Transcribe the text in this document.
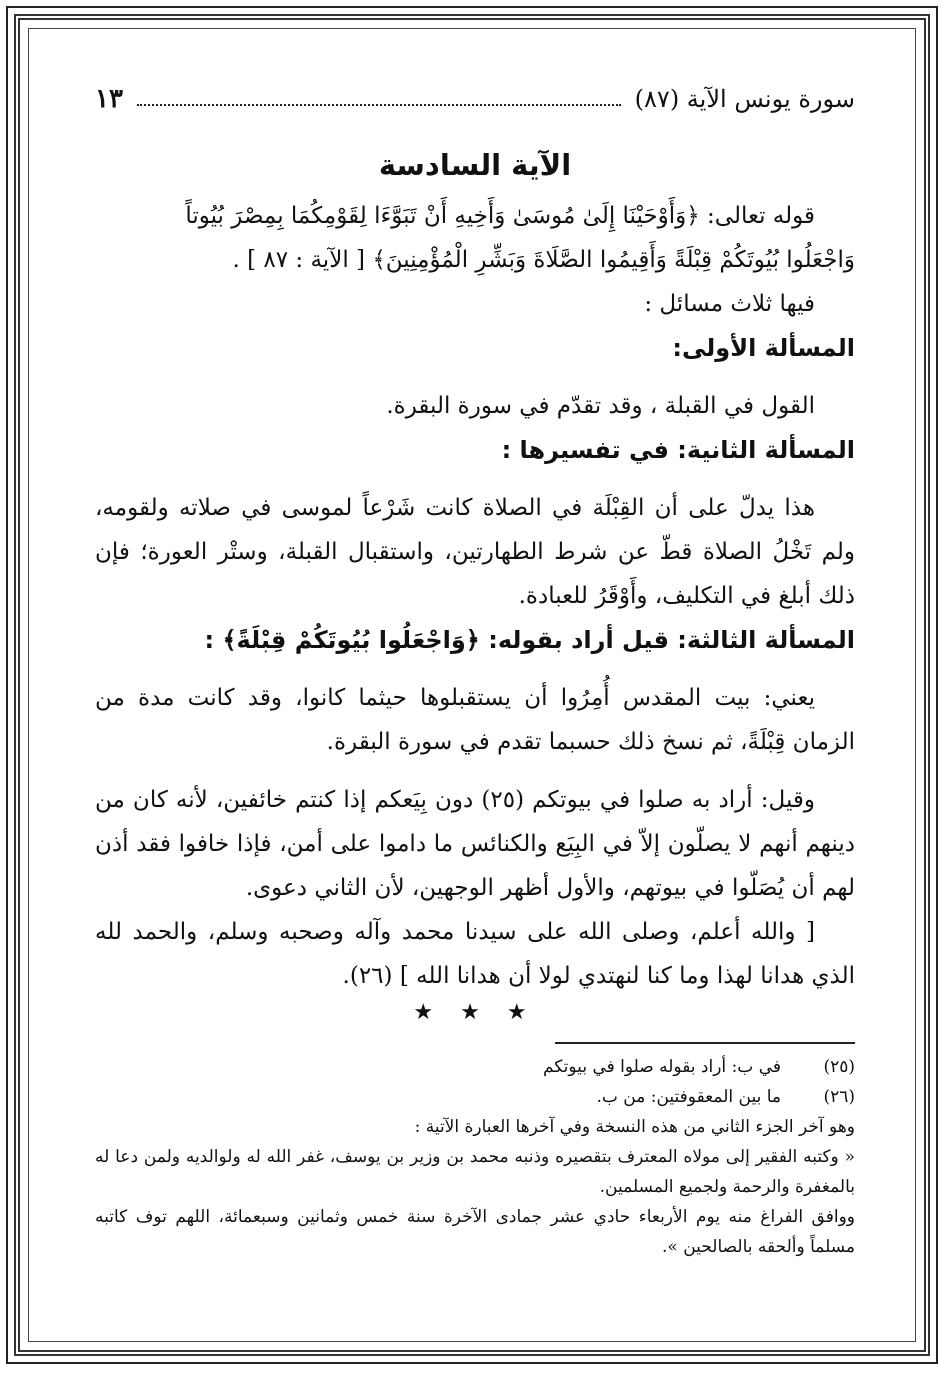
سورة يونس الآية (٨٧)
١٣
الآية السادسة

قوله تعالى: ﴿وَأَوْحَيْنَا إِلَىٰ مُوسَىٰ وَأَخِيهِ أَنْ تَبَوَّءَا لِقَوْمِكُمَا بِمِصْرَ بُيُوتاً

وَاجْعَلُوا بُيُوتَكُمْ قِبْلَةً وَأَقِيمُوا الصَّلَاةَ وَبَشِّرِ الْمُؤْمِنِينَ﴾ [ الآية : ٨٧ ] .

فيها ثلاث مسائل :

المسألة الأولى:

القول في القبلة ، وقد تقدّم في سورة البقرة.

المسألة الثانية: في تفسيرها :

هذا يدلّ على أن القِبْلَة في الصلاة كانت شَرْعاً لموسى في صلاته ولقومه، ولم تَخْلُ الصلاة قطّ عن شرط الطهارتين، واستقبال القبلة، وستْر العورة؛ فإن ذلك أبلغ في التكليف، وأَوْقَرُ للعبادة.

المسألة الثالثة: قيل أراد بقوله: ﴿وَاجْعَلُوا بُيُوتَكُمْ قِبْلَةً﴾ :

يعني: بيت المقدس أُمِرُوا أن يستقبلوها حيثما كانوا، وقد كانت مدة من الزمان قِبْلَةً، ثم نسخ ذلك حسبما تقدم في سورة البقرة.

وقيل: أراد به صلوا في بيوتكم (٢٥) دون بِيَعكم إذا كنتم خائفين، لأنه كان من دينهم أنهم لا يصلّون إلاّ في البِيَع والكنائس ما داموا على أمن، فإذا خافوا فقد أذن لهم أن يُصَلّوا في بيوتهم، والأول أظهر الوجهين، لأن الثاني دعوى.

[ والله أعلم، وصلى الله على سيدنا محمد وآله وصحبه وسلم، والحمد لله الذي هدانا لهذا وما كنا لنهتدي لولا أن هدانا الله ] (٢٦).

★ ★ ★
(٢٥)
في ب: أراد بقوله صلوا في بيوتكم
(٢٦)
ما بين المعقوفتين: من ب.

وهو آخر الجزء الثاني من هذه النسخة وفي آخرها العبارة الآتية :

« وكتبه الفقير إلى مولاه المعترف بتقصيره وذنبه محمد بن وزير بن يوسف، غفر الله له ولوالديه ولمن دعا له بالمغفرة والرحمة ولجميع المسلمين.

ووافق الفراغ منه يوم الأربعاء حادي عشر جمادى الآخرة سنة خمس وثمانين وسبعمائة، اللهم توف كاتبه مسلماً وألحقه بالصالحين ».
